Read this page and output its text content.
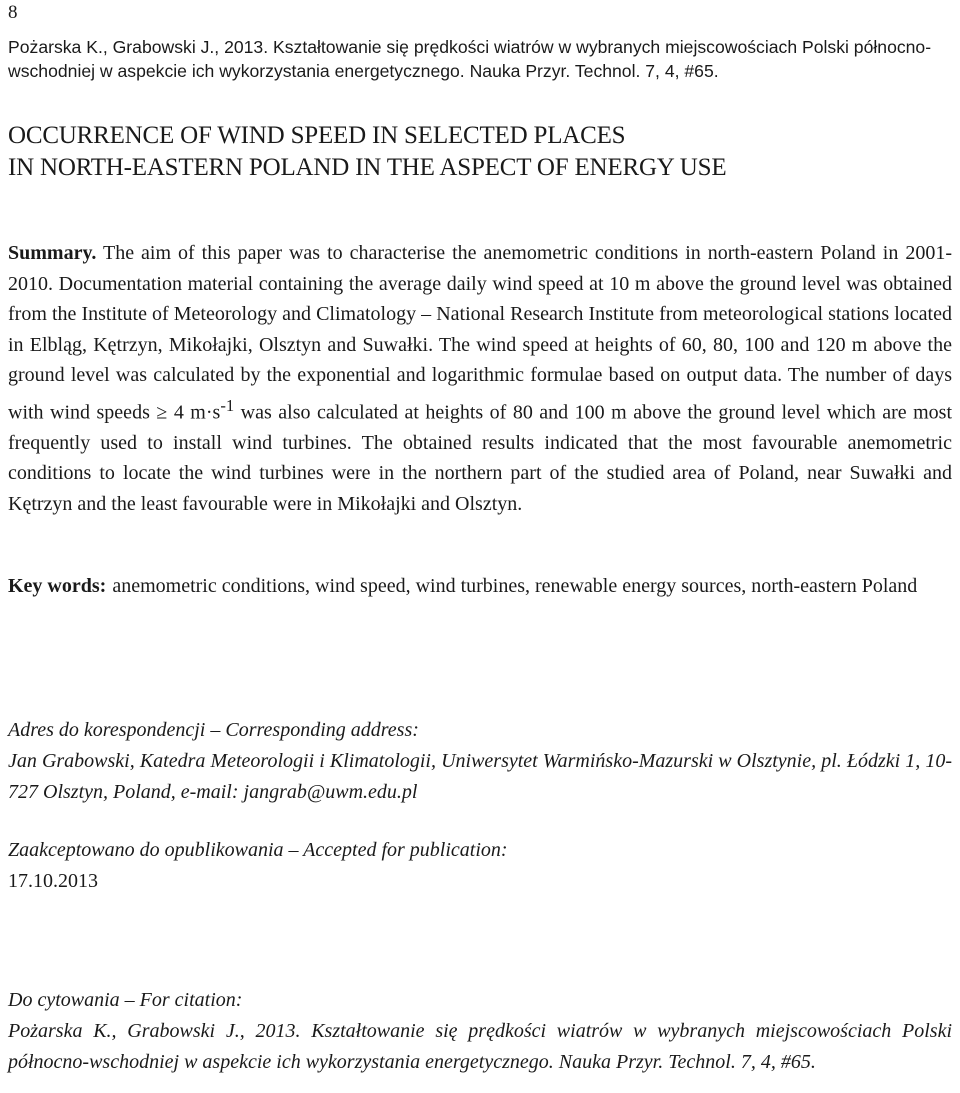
8
Pożarska K., Grabowski J., 2013. Kształtowanie się prędkości wiatrów w wybranych miejscowościach Polski północno-wschodniej w aspekcie ich wykorzystania energetycznego. Nauka Przyr. Technol. 7, 4, #65.
OCCURRENCE OF WIND SPEED IN SELECTED PLACES
IN NORTH-EASTERN POLAND IN THE ASPECT OF ENERGY USE
Summary. The aim of this paper was to characterise the anemometric conditions in north-eastern Poland in 2001-2010. Documentation material containing the average daily wind speed at 10 m above the ground level was obtained from the Institute of Meteorology and Climatology – National Research Institute from meteorological stations located in Elbląg, Kętrzyn, Mikołajki, Olsztyn and Suwałki. The wind speed at heights of 60, 80, 100 and 120 m above the ground level was calculated by the exponential and logarithmic formulae based on output data. The number of days with wind speeds ≥ 4 $m\cdot s^{-1}$ was also calculated at heights of 80 and 100 m above the ground level which are most frequently used to install wind turbines. The obtained results indicated that the most favourable anemometric conditions to locate the wind turbines were in the northern part of the studied area of Poland, near Suwałki and Kętrzyn and the least favourable were in Mikołajki and Olsztyn.
Key words: anemometric conditions, wind speed, wind turbines, renewable energy sources, north-eastern Poland
Adres do korespondencji – Corresponding address:
Jan Grabowski, Katedra Meteorologii i Klimatologii, Uniwersytet Warmińsko-Mazurski w Olsztynie, pl. Łódzki 1, 10-727 Olsztyn, Poland, e-mail: jangrab@uwm.edu.pl
Zaakceptowano do opublikowania – Accepted for publication:
17.10.2013
Do cytowania – For citation:
Pożarska K., Grabowski J., 2013. Kształtowanie się prędkości wiatrów w wybranych miejscowościach Polski północno-wschodniej w aspekcie ich wykorzystania energetycznego. Nauka Przyr. Technol. 7, 4, #65.
